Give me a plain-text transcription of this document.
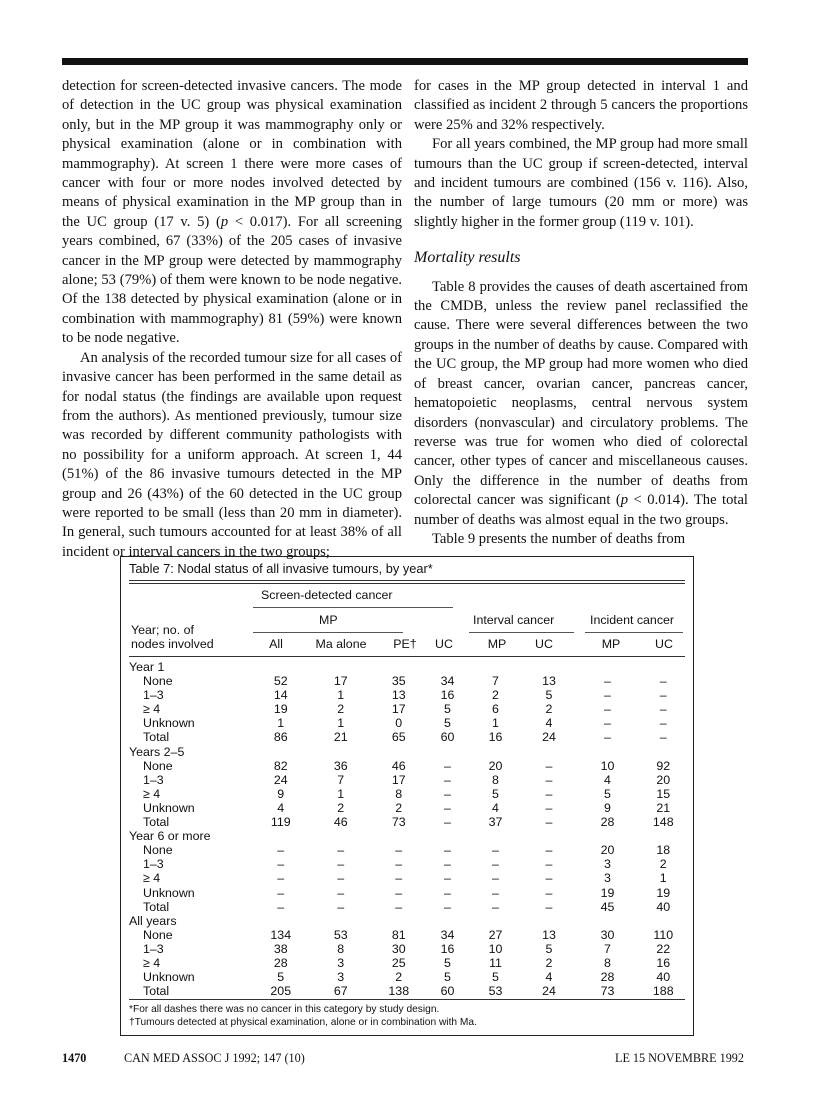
detection for screen-detected invasive cancers. The mode of detection in the UC group was physical examination only, but in the MP group it was mammography only or physical examination (alone or in combination with mammography). At screen 1 there were more cases of cancer with four or more nodes involved detected by means of physical examination in the MP group than in the UC group (17 v. 5) (p < 0.017). For all screening years combined, 67 (33%) of the 205 cases of invasive cancer in the MP group were detected by mammography alone; 53 (79%) of them were known to be node negative. Of the 138 detected by physical examination (alone or in combination with mammography) 81 (59%) were known to be node negative.

An analysis of the recorded tumour size for all cases of invasive cancer has been performed in the same detail as for nodal status (the findings are available upon request from the authors). As mentioned previously, tumour size was recorded by different community pathologists with no possibility for a uniform approach. At screen 1, 44 (51%) of the 86 invasive tumours detected in the MP group and 26 (43%) of the 60 detected in the UC group were reported to be small (less than 20 mm in diameter). In general, such tumours accounted for at least 38% of all incident or interval cancers in the two groups;

for cases in the MP group detected in interval 1 and classified as incident 2 through 5 cancers the proportions were 25% and 32% respectively.

For all years combined, the MP group had more small tumours than the UC group if screen-detected, interval and incident tumours are combined (156 v. 116). Also, the number of large tumours (20 mm or more) was slightly higher in the former group (119 v. 101).

Mortality results

Table 8 provides the causes of death ascertained from the CMDB, unless the review panel reclassified the cause. There were several differences between the two groups in the number of deaths by cause. Compared with the UC group, the MP group had more women who died of breast cancer, ovarian cancer, pancreas cancer, hematopoietic neoplasms, central nervous system disorders (nonvascular) and circulatory problems. The reverse was true for women who died of colorectal cancer, other types of cancer and miscellaneous causes. Only the difference in the number of deaths from colorectal cancer was significant (p < 0.014). The total number of deaths was almost equal in the two groups.

Table 9 presents the number of deaths from

Table 7: Nodal status of all invasive tumours, by year*
Screen-detected cancer
MP	Interval cancer	Incident cancer
Year; no. of
nodes involved	All	Ma alone	PE†	UC	MP	UC	MP	UC
Year 1								
None	52	17	35	34	7	13	–	–
1–3	14	1	13	16	2	5	–	–
≥ 4	19	2	17	5	6	2	–	–
Unknown	1	1	0	5	1	4	–	–
Total	86	21	65	60	16	24	–	–
Years 2–5								
None	82	36	46	–	20	–	10	92
1–3	24	7	17	–	8	–	4	20
≥ 4	9	1	8	–	5	–	5	15
Unknown	4	2	2	–	4	–	9	21
Total	119	46	73	–	37	–	28	148
Year 6 or more								
None	–	–	–	–	–	–	20	18
1–3	–	–	–	–	–	–	3	2
≥ 4	–	–	–	–	–	–	3	1
Unknown	–	–	–	–	–	–	19	19
Total	–	–	–	–	–	–	45	40
All years								
None	134	53	81	34	27	13	30	110
1–3	38	8	30	16	10	5	7	22
≥ 4	28	3	25	5	11	2	8	16
Unknown	5	3	2	5	5	4	28	40
Total	205	67	138	60	53	24	73	188
*For all dashes there was no cancer in this category by study design.
†Tumours detected at physical examination, alone or in combination with Ma.
1470	CAN MED ASSOC J 1992; 147 (10)	LE 15 NOVEMBRE 1992
